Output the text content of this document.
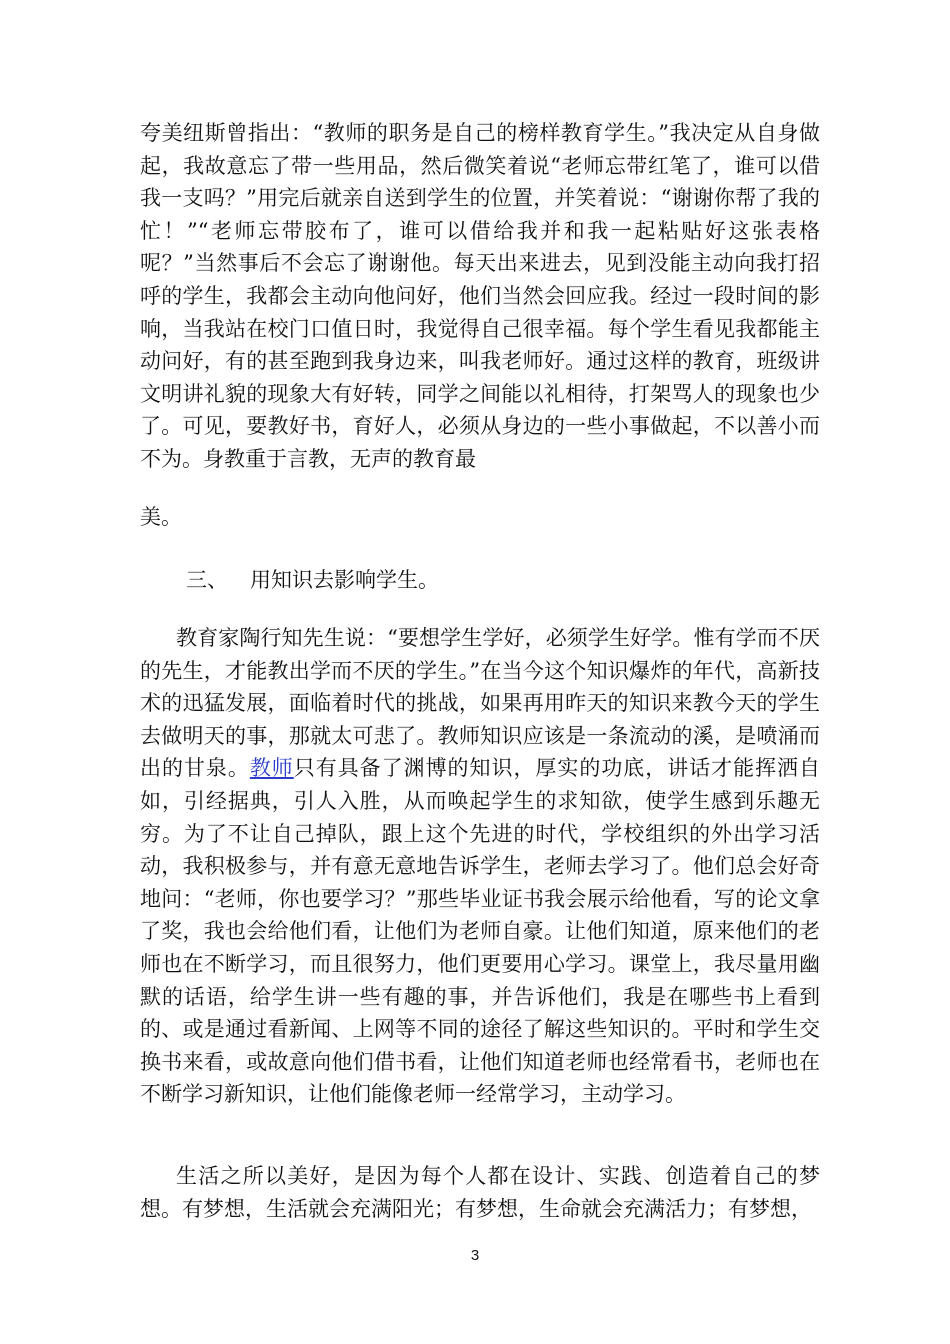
夸美纽斯曾指出：“教师的职务是自己的榜样教育学生。”我决定从自身做起，我故意忘了带一些用品，然后微笑着说“老师忘带红笔了，谁可以借我一支吗？”用完后就亲自送到学生的位置，并笑着说：“谢谢你帮了我的忙！”“老师忘带胶布了，谁可以借给我并和我一起粘贴好这张表格呢？”当然事后不会忘了谢谢他。每天出来进去，见到没能主动向我打招呼的学生，我都会主动向他问好，他们当然会回应我。经过一段时间的影响，当我站在校门口值日时，我觉得自己很幸福。每个学生看见我都能主动问好，有的甚至跑到我身边来，叫我老师好。通过这样的教育，班级讲文明讲礼貌的现象大有好转，同学之间能以礼相待，打架骂人的现象也少了。可见，要教好书，育好人，必须从身边的一些小事做起，不以善小而不为。身教重于言教，无声的教育最
美。
三、 用知识去影响学生。
教育家陶行知先生说：“要想学生学好，必须学生好学。惟有学而不厌的先生，才能教出学而不厌的学生。”在当今这个知识爆炸的年代，高新技术的迅猛发展，面临着时代的挑战，如果再用昨天的知识来教今天的学生去做明天的事，那就太可悲了。教师知识应该是一条流动的溪，是喷涌而出的甘泉。教师只有具备了渊博的知识，厚实的功底，讲话才能挥洒自如，引经据典，引人入胜，从而唤起学生的求知欲，使学生感到乐趣无穷。为了不让自己掉队，跟上这个先进的时代，学校组织的外出学习活动，我积极参与，并有意无意地告诉学生，老师去学习了。他们总会好奇地问：“老师，你也要学习？”那些毕业证书我会展示给他看，写的论文拿了奖，我也会给他们看，让他们为老师自豪。让他们知道，原来他们的老师也在不断学习，而且很努力，他们更要用心学习。课堂上，我尽量用幽默的话语，给学生讲一些有趣的事，并告诉他们，我是在哪些书上看到的、或是通过看新闻、上网等不同的途径了解这些知识的。平时和学生交换书来看，或故意向他们借书看，让他们知道老师也经常看书，老师也在不断学习新知识，让他们能像老师一经常学习，主动学习。
生活之所以美好，是因为每个人都在设计、实践、创造着自己的梦想。有梦想，生活就会充满阳光；有梦想，生命就会充满活力；有梦想，
3
